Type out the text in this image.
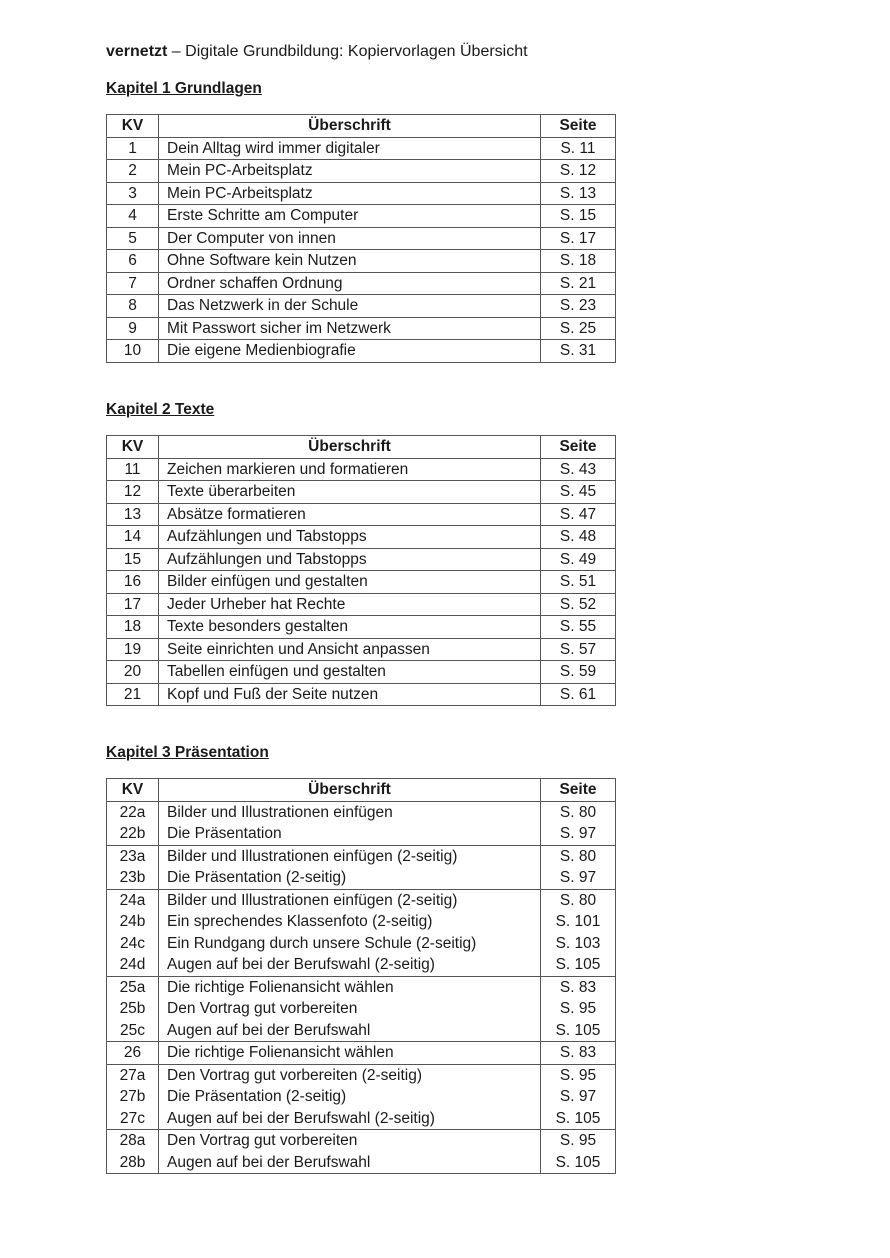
vernetzt – Digitale Grundbildung: Kopiervorlagen Übersicht
Kapitel 1 Grundlagen
KV	Überschrift	Seite
1	Dein Alltag wird immer digitaler	S. 11
2	Mein PC-Arbeitsplatz	S. 12
3	Mein PC-Arbeitsplatz	S. 13
4	Erste Schritte am Computer	S. 15
5	Der Computer von innen	S. 17
6	Ohne Software kein Nutzen	S. 18
7	Ordner schaffen Ordnung	S. 21
8	Das Netzwerk in der Schule	S. 23
9	Mit Passwort sicher im Netzwerk	S. 25
10	Die eigene Medienbiografie	S. 31
Kapitel 2 Texte
KV	Überschrift	Seite
11	Zeichen markieren und formatieren	S. 43
12	Texte überarbeiten	S. 45
13	Absätze formatieren	S. 47
14	Aufzählungen und Tabstopps	S. 48
15	Aufzählungen und Tabstopps	S. 49
16	Bilder einfügen und gestalten	S. 51
17	Jeder Urheber hat Rechte	S. 52
18	Texte besonders gestalten	S. 55
19	Seite einrichten und Ansicht anpassen	S. 57
20	Tabellen einfügen und gestalten	S. 59
21	Kopf und Fuß der Seite nutzen	S. 61
Kapitel 3 Präsentation
KV	Überschrift	Seite
22a	Bilder und Illustrationen einfügen	S. 80
22b	Die Präsentation	S. 97
23a	Bilder und Illustrationen einfügen (2-seitig)	S. 80
23b	Die Präsentation (2-seitig)	S. 97
24a	Bilder und Illustrationen einfügen (2-seitig)	S. 80
24b	Ein sprechendes Klassenfoto (2-seitig)	S. 101
24c	Ein Rundgang durch unsere Schule (2-seitig)	S. 103
24d	Augen auf bei der Berufswahl (2-seitig)	S. 105
25a	Die richtige Folienansicht wählen	S. 83
25b	Den Vortrag gut vorbereiten	S. 95
25c	Augen auf bei der Berufswahl	S. 105
26	Die richtige Folienansicht wählen	S. 83
27a	Den Vortrag gut vorbereiten (2-seitig)	S. 95
27b	Die Präsentation (2-seitig)	S. 97
27c	Augen auf bei der Berufswahl (2-seitig)	S. 105
28a	Den Vortrag gut vorbereiten	S. 95
28b	Augen auf bei der Berufswahl	S. 105
